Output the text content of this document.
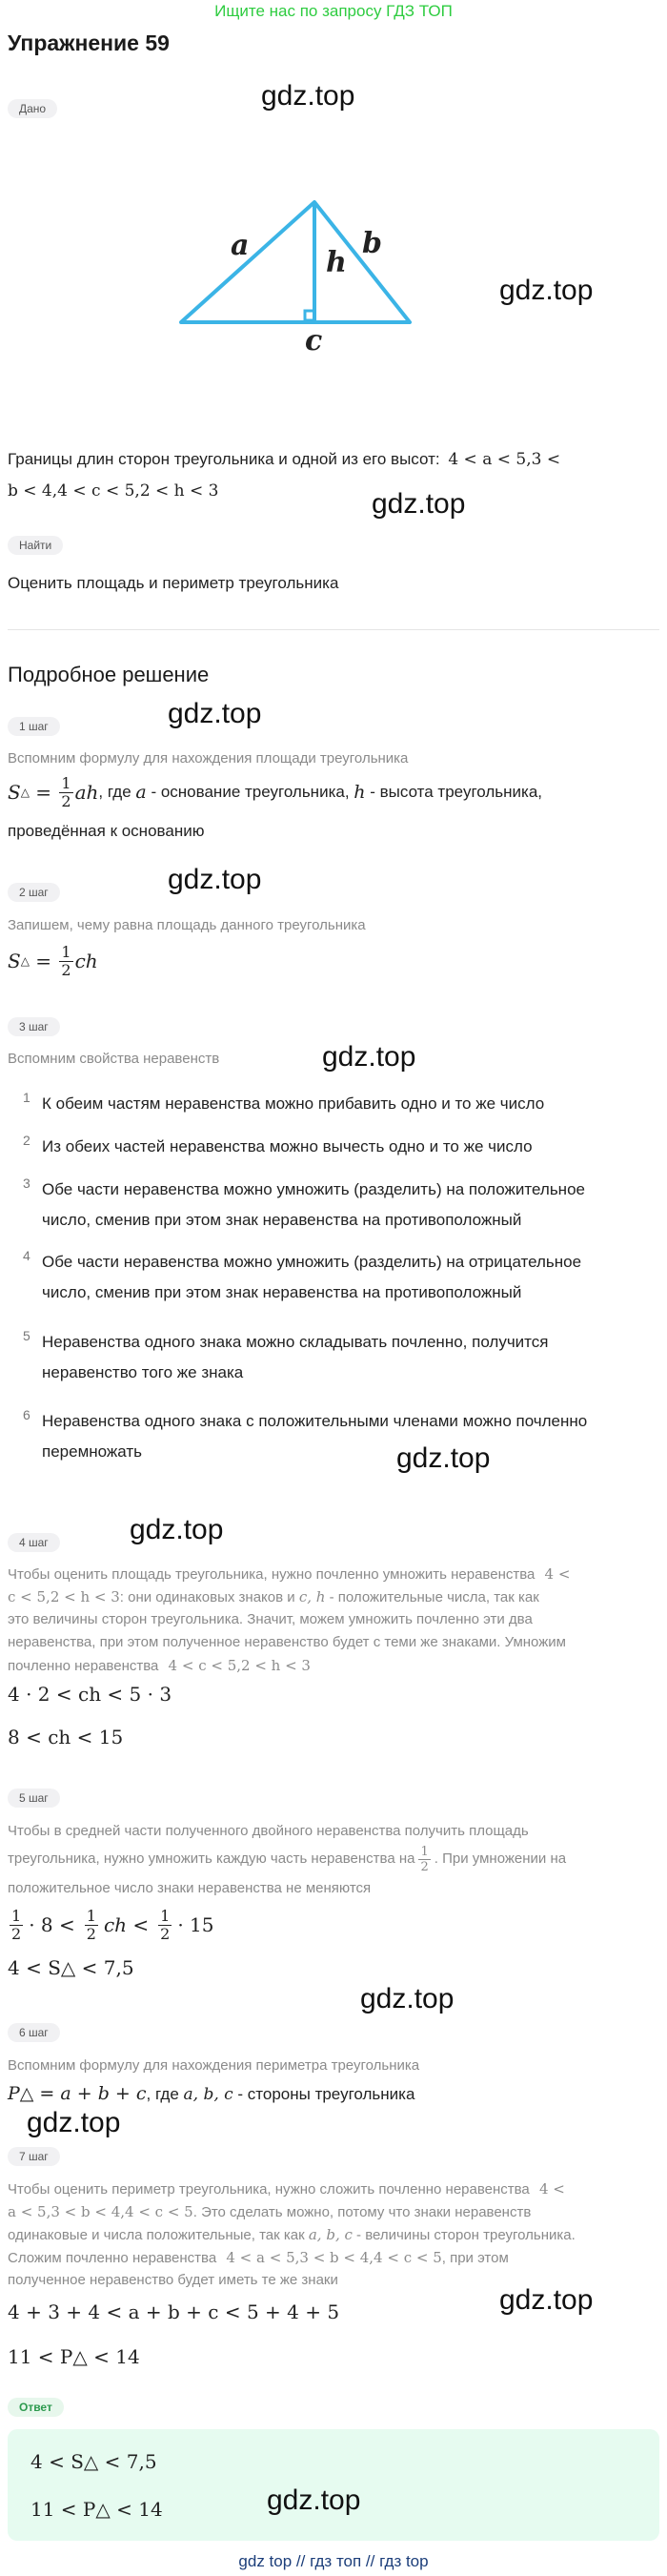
Ищите нас по запросу ГДЗ ТОП
Упражнение 59
Дано	gdz.top
a	b
h
c
gdz.top
Границы длин сторон треугольника и одной из его высот: 4 < a < 5,3 <
b < 4,4 < c < 5,2 < h < 3	gdz.top
Найти
Оценить площадь и периметр треугольника
Подробное решение
1 шаг	gdz.top
Вспомним формулу для нахождения площади треугольника
S △ = $\frac{1}{2}$ ah , где a - основание треугольника, h - высота треугольника,
проведённая к основанию
2 шаг	gdz.top
Запишем, чему равна площадь данного треугольника
S △ = $\frac{1}{2}$ ch
3 шаг
Вспомним свойства неравенств	gdz.top
1 К обеим частям неравенства можно прибавить одно и то же число
2 Из обеих частей неравенства можно вычесть одно и то же число
3 Обе части неравенства можно умножить (разделить) на положительное
число, сменив при этом знак неравенства на противоположный
4 Обе части неравенства можно умножить (разделить) на отрицательное
число, сменив при этом знак неравенства на противоположный
5 Неравенства одного знака можно складывать почленно, получится
неравенство того же знака
6 Неравенства одного знака с положительными членами можно почленно
перемножать	gdz.top
gdz.top
4 шаг
Чтобы оценить площадь треугольника, нужно почленно умножить неравенства 4 <
c < 5,2 < h < 3: они одинаковых знаков и c, h - положительные числа, так как
это величины сторон треугольника. Значит, можем умножить почленно эти два
неравенства, при этом полученное неравенство будет с теми же знаками. Умножим
почленно неравенства 4 < c < 5,2 < h < 3
4 · 2 < ch < 5 · 3
8 < ch < 15
5 шаг
Чтобы в средней части полученного двойного неравенства получить площадь
треугольника, нужно умножить каждую часть неравенства на $\frac{1}{2}$ . При умножении на
положительное число знаки неравенства не меняются
$\frac{1}{2} \cdot 8 < \frac{1}{2}$ ch < $\frac{1}{2} \cdot 15$
4 < S△ < 7,5
gdz.top
6 шаг
Вспомним формулу для нахождения периметра треугольника
P△ = a + b + c, где a, b, c - стороны треугольника
gdz.top
7 шаг
Чтобы оценить периметр треугольника, нужно сложить почленно неравенства 4 <
a < 5,3 < b < 4,4 < c < 5. Это сделать можно, потому что знаки неравенств
одинаковые и числа положительные, так как a, b, c - величины сторон треугольника.
Сложим почленно неравенства 4 < a < 5,3 < b < 4,4 < c < 5, при этом
полученное неравенство будет иметь те же знаки
4 + 3 + 4 < a + b + c < 5 + 4 + 5	gdz.top
11 < P△ < 14
Ответ
4 < S△ < 7,5
11 < P△ < 14	gdz.top
gdz top // гдз топ // гдз top
